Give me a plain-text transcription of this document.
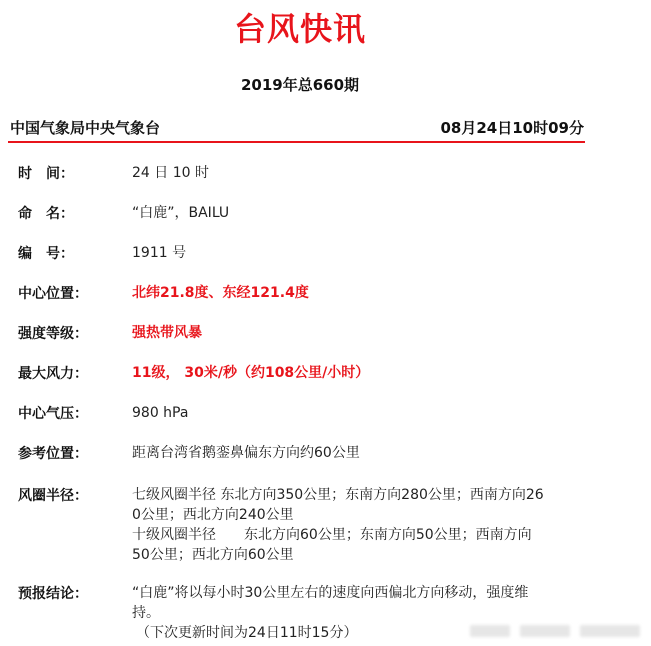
台风快讯
2019年总660期
中国气象局中央气象台	08月24日10时09分
时　间：	24 日 10 时
命　名：	“白鹿”，BAILU
编　号：	1911 号
中心位置：	北纬21.8度、东经121.4度
强度等级：	强热带风暴
最大风力：	11级， 30米/秒（约108公里/小时）
中心气压：	980 hPa
参考位置：	距离台湾省鹅銮鼻偏东方向约60公里
风圈半径：	七级风圈半径 东北方向350公里；东南方向280公里；西南方向26
0公里；西北方向240公里
十级风圈半径　　东北方向60公里；东南方向50公里；西南方向
50公里；西北方向60公里
预报结论：	“白鹿”将以每小时30公里左右的速度向西偏北方向移动，强度维
持。
（下次更新时间为24日11时15分）
